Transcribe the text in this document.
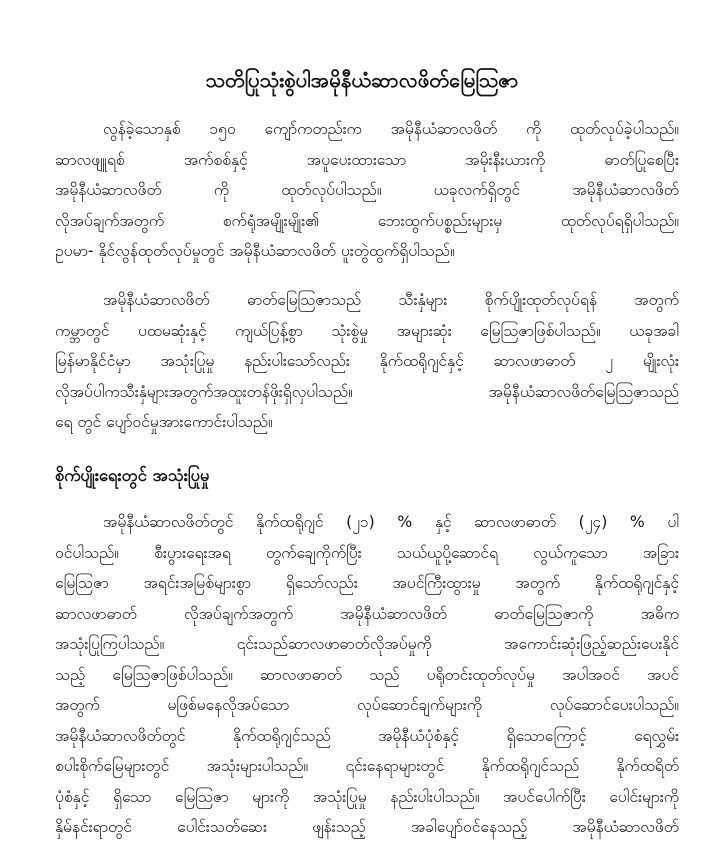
သတိပြုသုံးစွဲပါအမိုနီယံဆာလဖိတ်မြေဩဇာ
လွန်ခဲ့သောနှစ် ၁၅၀ ကျော်ကတည်းက အမိုနီယံဆာလဖိတ် ကို ထုတ်လုပ်ခဲ့ပါသည်။
ဆာလဖျူရစ် အက်စစ်နှင့် အပူပေးထားသော အမိုးနီးယားကို ဓာတ်ပြုစေပြီး
အမိုနီယံဆာလဖိတ် ကို ထုတ်လုပ်ပါသည်။ ယခုလက်ရှိတွင် အမိုနီယံဆာလဖိတ်
လိုအပ်ချက်အတွက် စက်ရုံအမျိုးမျိုး၏ ဘေးထွက်ပစ္စည်းများမှ ထုတ်လုပ်ရရှိပါသည်။
ဥပမာ- နိုင်လွန်ထုတ်လုပ်မှုတွင် အမိုနီယံဆာလဖိတ် ပူးတွဲထွက်ရှိပါသည်။
အမိုနီယံဆာလဖိတ် ဓာတ်မြေဩဇာသည် သီးနှံများ စိုက်ပျိုးထုတ်လုပ်ရန် အတွက်
ကမ္ဘာတွင် ပထမဆုံးနှင့် ကျယ်ပြန့်စွာ သုံးစွဲမှု အများဆုံး မြေဩဇာဖြစ်ပါသည်။ ယခုအခါ
မြန်မာနိုင်ငံမှာ အသုံးပြုမှု နည်းပါးသော်လည်း နိုက်ထရိုဂျင်နှင့် ဆာလဖာဓာတ် ၂ မျိုးလုံး
လိုအပ်ပါကသီးနှံများအတွက်အထူးတန်ဖိုးရှိလှပါသည်။ အမိုနီယံဆာလဖိတ်မြေဩဇာသည်
ရေ တွင် ပျော်ဝင်မှုအားကောင်းပါသည်။
စိုက်ပျိုးရေးတွင် အသုံးပြုမှု
အမိုနီယံဆာလဖိတ်တွင် နိုက်ထရိုဂျင် (၂၁) % နှင့် ဆာလဖာဓာတ် (၂၄) % ပါ
ဝင်ပါသည်။ စီးပွားရေးအရ တွက်ချေကိုက်ပြီး သယ်ယူပို့ဆောင်ရ လွယ်ကူသော အခြား
မြေဩဇာ အရင်းအမြစ်များစွာ ရှိသော်လည်း အပင်ကြီးထွားမှု အတွက် နိုက်ထရိုဂျင်နှင့်
ဆာလဖာဓာတ် လိုအပ်ချက်အတွက် အမိုနီယံဆာလဖိတ် ဓာတ်မြေဩဇာကို အဓိက
အသုံးပြုကြပါသည်။ ၎င်းသည်ဆာလဖာဓာတ်လိုအပ်မှုကို အကောင်းဆုံးဖြည့်ဆည်းပေးနိုင်
သည့် မြေဩဇာဖြစ်ပါသည်။ ဆာလဖာဓာတ် သည် ပရိုတင်းထုတ်လုပ်မှု အပါအဝင် အပင်
အတွက် မဖြစ်မနေလိုအပ်သော လုပ်ဆောင်ချက်များကို လုပ်ဆောင်ပေးပါသည်။
အမိုနီယံဆာလဖိတ်တွင် နိုက်ထရိုဂျင်သည် အမိုနီယံပုံစံနှင့် ရှိသောကြောင့် ရေလွှမ်း
စပါးစိုက်မြေများတွင် အသုံးများပါသည်။ ၎င်းနေရာများတွင် နိုက်ထရိုဂျင်သည် နိုက်ထရိတ်
ပုံစံနှင့် ရှိသော မြေဩဇာ များကို အသုံးပြုမှု နည်းပါးပါသည်။ အပင်ပေါက်ပြီး ပေါင်းများကို
နှိမ်နင်းရာတွင် ပေါင်းသတ်ဆေး ဖျန်းသည့် အခါပျော်ဝင်နေသည့် အမိုနီယံဆာလဖိတ်
